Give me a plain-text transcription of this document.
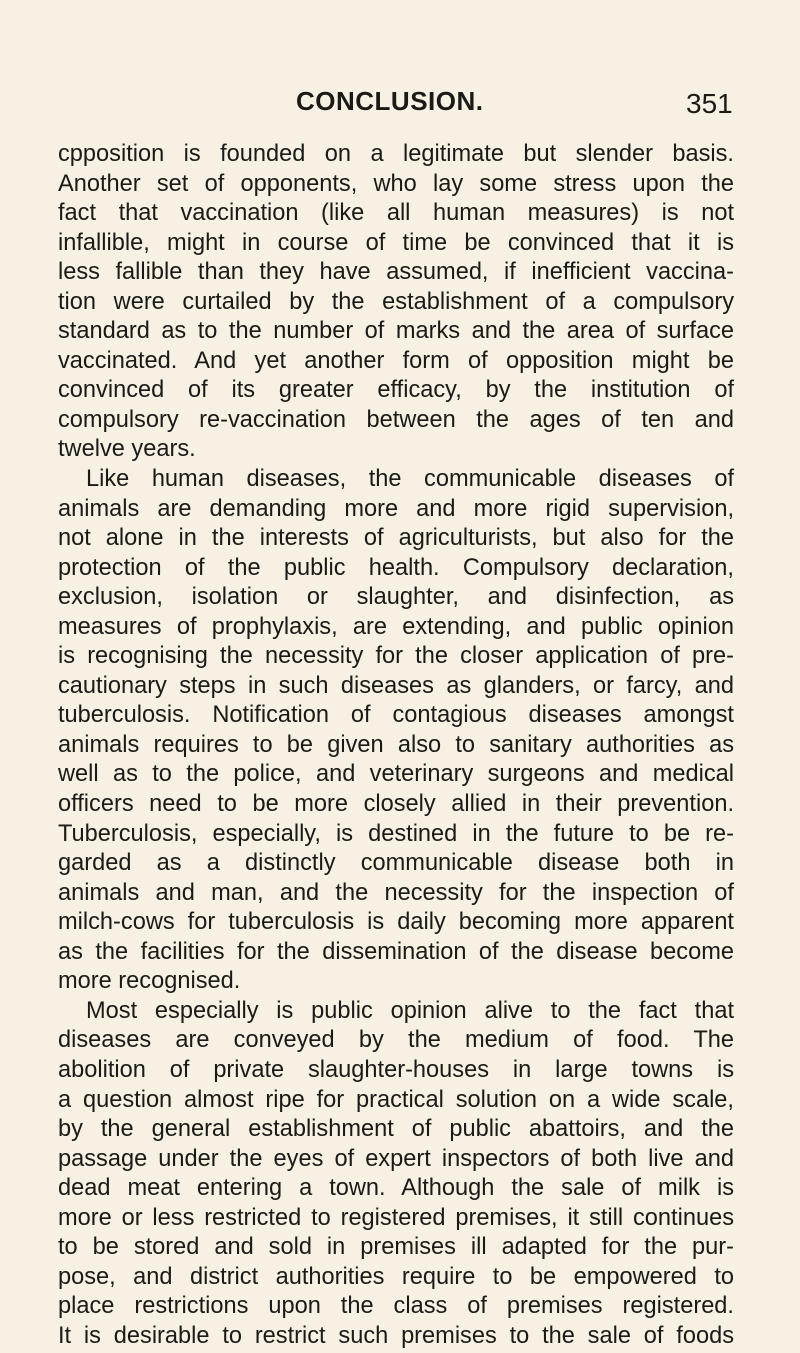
CONCLUSION.	351
cpposition is founded on a legitimate but slender basis.
Another set of opponents, who lay some stress upon the
fact that vaccination (like all human measures) is not
infallible, might in course of time be convinced that it is
less fallible than they have assumed, if inefficient vaccina-
tion were curtailed by the establishment of a compulsory
standard as to the number of marks and the area of surface
vaccinated. And yet another form of opposition might be
convinced of its greater efficacy, by the institution of
compulsory re-vaccination between the ages of ten and
twelve years.
Like human diseases, the communicable diseases of
animals are demanding more and more rigid supervision,
not alone in the interests of agriculturists, but also for the
protection of the public health. Compulsory declaration,
exclusion, isolation or slaughter, and disinfection, as
measures of prophylaxis, are extending, and public opinion
is recognising the necessity for the closer application of pre-
cautionary steps in such diseases as glanders, or farcy, and
tuberculosis. Notification of contagious diseases amongst
animals requires to be given also to sanitary authorities as
well as to the police, and veterinary surgeons and medical
officers need to be more closely allied in their prevention.
Tuberculosis, especially, is destined in the future to be re-
garded as a distinctly communicable disease both in
animals and man, and the necessity for the inspection of
milch-cows for tuberculosis is daily becoming more apparent
as the facilities for the dissemination of the disease become
more recognised.
Most especially is public opinion alive to the fact that
diseases are conveyed by the medium of food. The
abolition of private slaughter-houses in large towns is
a question almost ripe for practical solution on a wide scale,
by the general establishment of public abattoirs, and the
passage under the eyes of expert inspectors of both live and
dead meat entering a town. Although the sale of milk is
more or less restricted to registered premises, it still continues
to be stored and sold in premises ill adapted for the pur-
pose, and district authorities require to be empowered to
place restrictions upon the class of premises registered.
It is desirable to restrict such premises to the sale of foods
